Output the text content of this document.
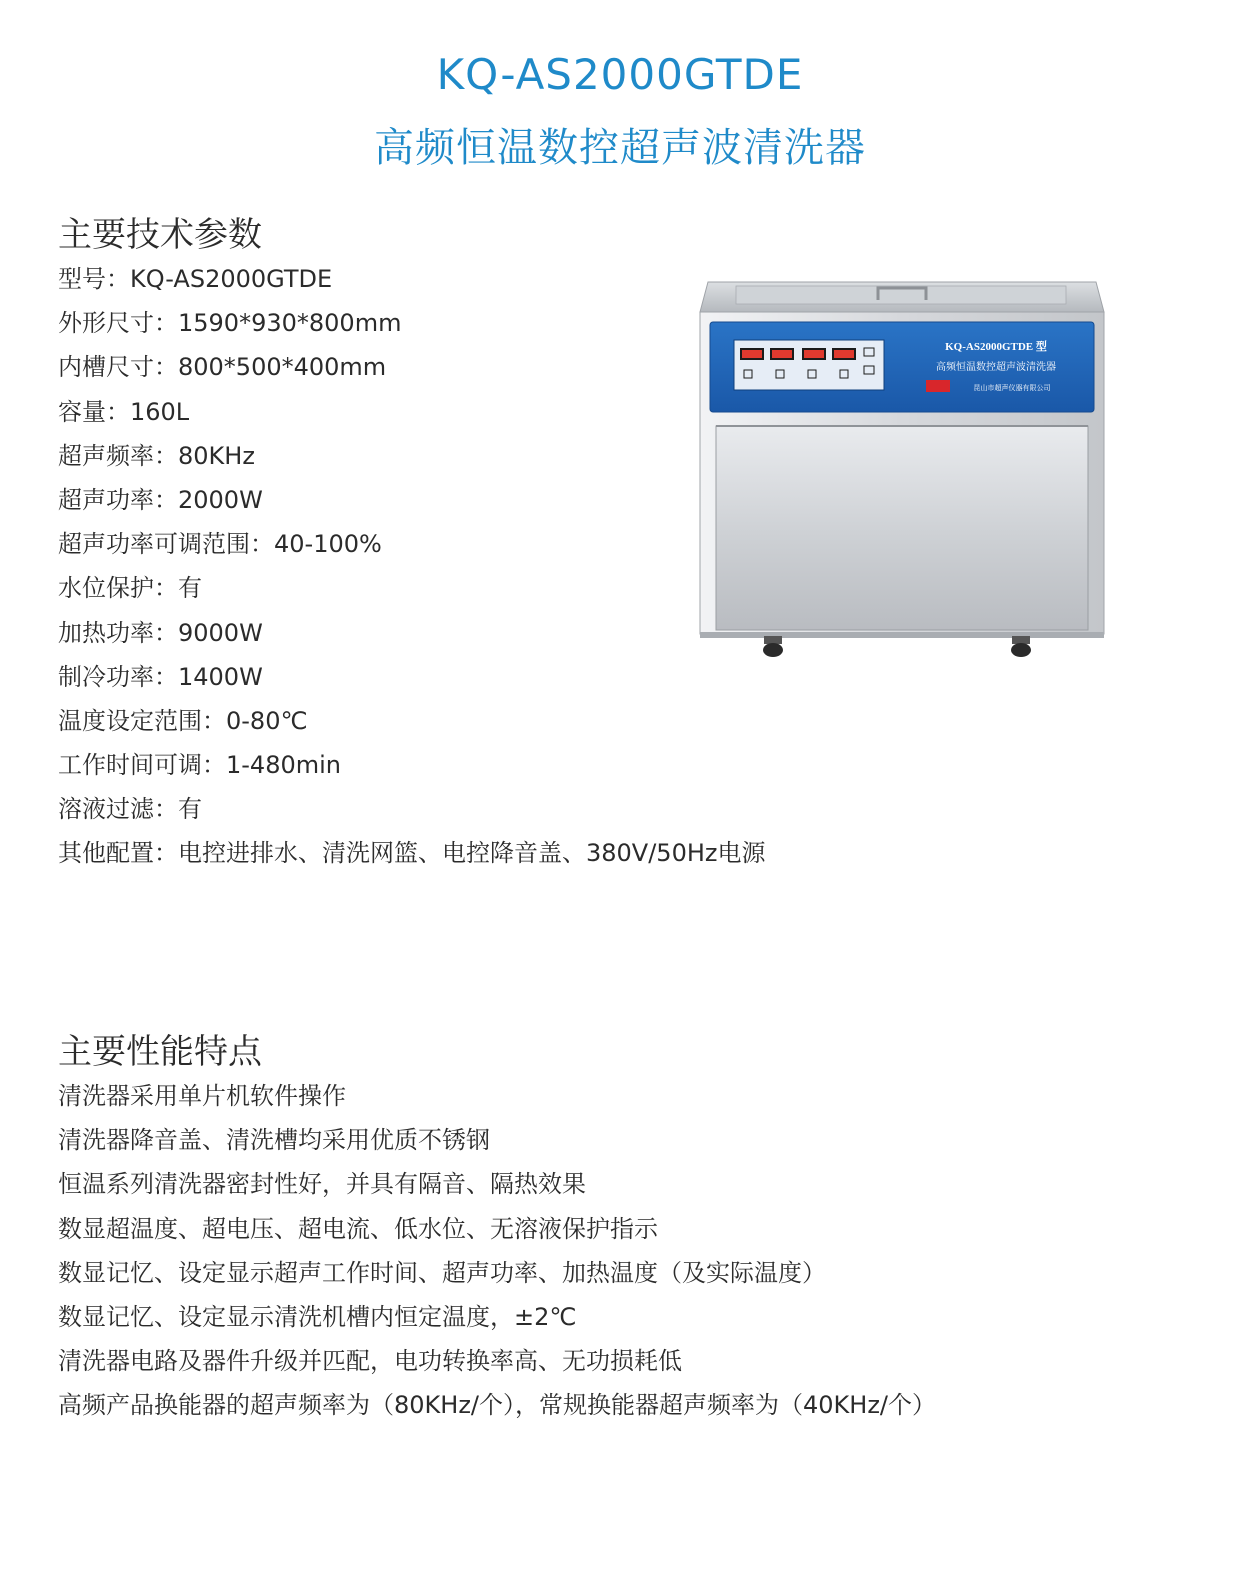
KQ-AS2000GTDE
高频恒温数控超声波清洗器
主要技术参数
型号：KQ-AS2000GTDE
外形尺寸：1590*930*800mm
内槽尺寸：800*500*400mm
容量：160L
超声频率：80KHz
超声功率：2000W
超声功率可调范围：40-100%
水位保护：有
加热功率：9000W
制冷功率：1400W
温度设定范围：0-80℃
工作时间可调：1-480min
溶液过滤：有
其他配置：电控进排水、清洗网篮、电控降音盖、380V/50Hz电源
主要性能特点
清洗器采用单片机软件操作
清洗器降音盖、清洗槽均采用优质不锈钢
恒温系列清洗器密封性好，并具有隔音、隔热效果
数显超温度、超电压、超电流、低水位、无溶液保护指示
数显记忆、设定显示超声工作时间、超声功率、加热温度（及实际温度）
数显记忆、设定显示清洗机槽内恒定温度，±2℃
清洗器电路及器件升级并匹配，电功转换率高、无功损耗低
高频产品换能器的超声频率为（80KHz/个），常规换能器超声频率为（40KHz/个）
KQ-AS2000GTDE 型
高频恒温数控超声波清洗器
昆山市超声仪器有限公司
